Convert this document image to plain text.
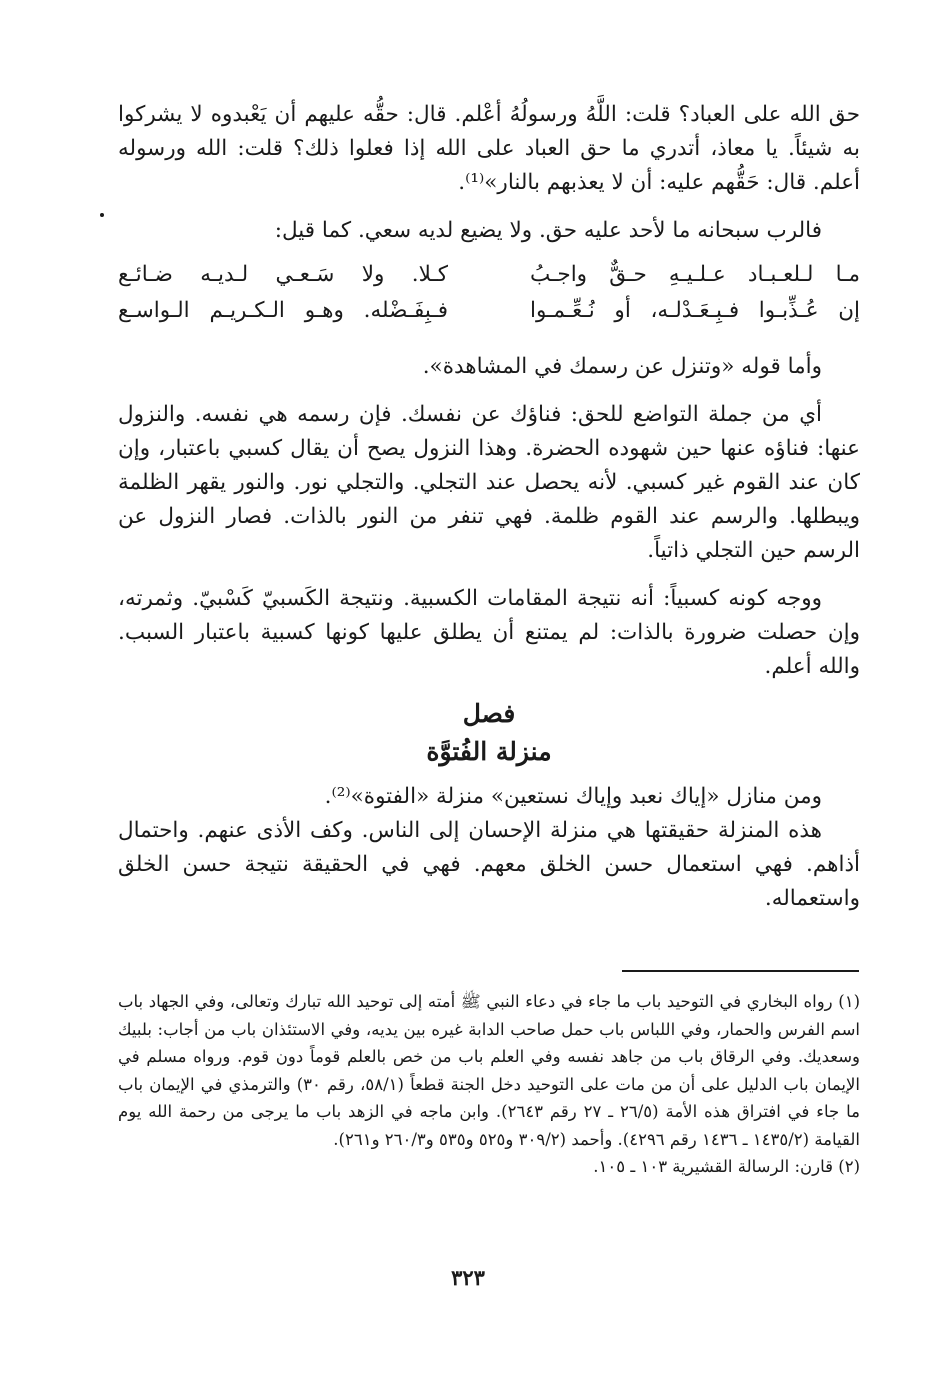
حق الله على العباد؟ قلت: اللَّهُ ورسولُهُ أعْلم. قال: حقُّه عليهم أن يَعْبدوه لا يشركوا به شيئاً. يا معاذ، أتدري ما حق العباد على الله إذا فعلوا ذلك؟ قلت: الله ورسوله أعلم. قال: حَقُّهم عليه: أن لا يعذبهم بالنار»⁽¹⁾.

فالرب سبحانه ما لأحد عليه حق. ولا يضيع لديه سعي. كما قيل:

مـا لـلعـبـاد عـلـيـهِ حـقٌّ واجـبُ
كـلا. ولا سَـعـي لـديـه ضـائـع
إن عُـذِّبـوا فـبِـعَـدْلـه، أو نُـعِّـمـوا
فـبِفَـضْله. وهـو الـكـريـم الـواسـع

وأما قوله «وتنزل عن رسمك في المشاهدة».

أي من جملة التواضع للحق: فناؤك عن نفسك. فإن رسمه هي نفسه. والنزول عنها: فناؤه عنها حين شهوده الحضرة. وهذا النزول يصح أن يقال كسبي باعتبار، وإن كان عند القوم غير كسبي. لأنه يحصل عند التجلي. والتجلي نور. والنور يقهر الظلمة ويبطلها. والرسم عند القوم ظلمة. فهي تنفر من النور بالذات. فصار النزول عن الرسم حين التجلي ذاتياً.

ووجه كونه كسبياً: أنه نتيجة المقامات الكسبية. ونتيجة الكَسبيّ كَسْبيّ. وثمرته، وإن حصلت ضرورة بالذات: لم يمتنع أن يطلق عليها كونها كسبية باعتبار السبب. والله أعلم.

فصل
منزلة الفُتوَّة

ومن منازل «إياك نعبد وإياك نستعين» منزلة «الفتوة»⁽²⁾.

هذه المنزلة حقيقتها هي منزلة الإحسان إلى الناس. وكف الأذى عنهم. واحتمال أذاهم. فهي استعمال حسن الخلق معهم. فهي في الحقيقة نتيجة حسن الخلق واستعماله.

(١) رواه البخاري في التوحيد باب ما جاء في دعاء النبي ﷺ أمته إلى توحيد الله تبارك وتعالى، وفي الجهاد باب اسم الفرس والحمار، وفي اللباس باب حمل صاحب الدابة غيره بين يديه، وفي الاستئذان باب من أجاب: بلبيك وسعديك. وفي الرقاق باب من جاهد نفسه وفي العلم باب من خص بالعلم قوماً دون قوم. ورواه مسلم في الإيمان باب الدليل على أن من مات على التوحيد دخل الجنة قطعاً (٥٨/١، رقم ٣٠) والترمذي في الإيمان باب ما جاء في افتراق هذه الأمة (٢٦/٥ ـ ٢٧ رقم ٢٦٤٣). وابن ماجه في الزهد باب ما يرجى من رحمة الله يوم القيامة (١٤٣٥/٢ ـ ١٤٣٦ رقم ٤٢٩٦). وأحمد (٣٠٩/٢ و٥٢٥ و٥٣٥ و٢٦٠/٣ و٢٦١).

(٢) قارن: الرسالة القشيرية ١٠٣ ـ ١٠٥.

٣٢٣
